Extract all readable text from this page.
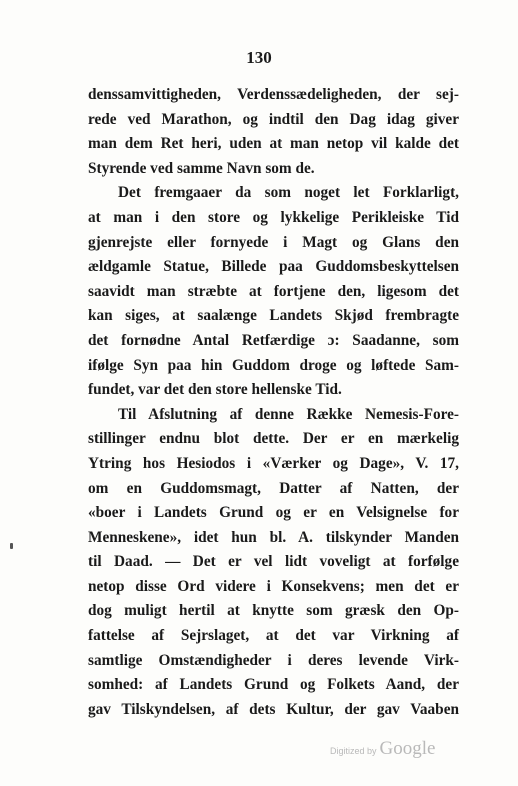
130
denssamvittigheden, Verdenssædeligheden, der sej-
rede ved Marathon, og indtil den Dag idag giver
man dem Ret heri, uden at man netop vil kalde det
Styrende ved samme Navn som de.
Det fremgaaer da som noget let Forklarligt,
at man i den store og lykkelige Perikleiske Tid
gjenrejste eller fornyede i Magt og Glans den
ældgamle Statue, Billede paa Guddomsbeskyttelsen
saavidt man stræbte at fortjene den, ligesom det
kan siges, at saalænge Landets Skjød frembragte
det fornødne Antal Retfærdige ɔ: Saadanne, som
ifølge Syn paa hin Guddom droge og løftede Sam-
fundet, var det den store hellenske Tid.
Til Afslutning af denne Række Nemesis-Fore-
stillinger endnu blot dette. Der er en mærkelig
Ytring hos Hesiodos i «Værker og Dage», V. 17,
om en Guddomsmagt, Datter af Natten, der
«boer i Landets Grund og er en Velsignelse for
Menneskene», idet hun bl. A. tilskynder Manden
til Daad. — Det er vel lidt voveligt at forfølge
netop disse Ord videre i Konsekvens; men det er
dog muligt hertil at knytte som græsk den Op-
fattelse af Sejrslaget, at det var Virkning af
samtlige Omstændigheder i deres levende Virk-
somhed: af Landets Grund og Folkets Aand, der
gav Tilskyndelsen, af dets Kultur, der gav Vaaben
Digitized by Google
